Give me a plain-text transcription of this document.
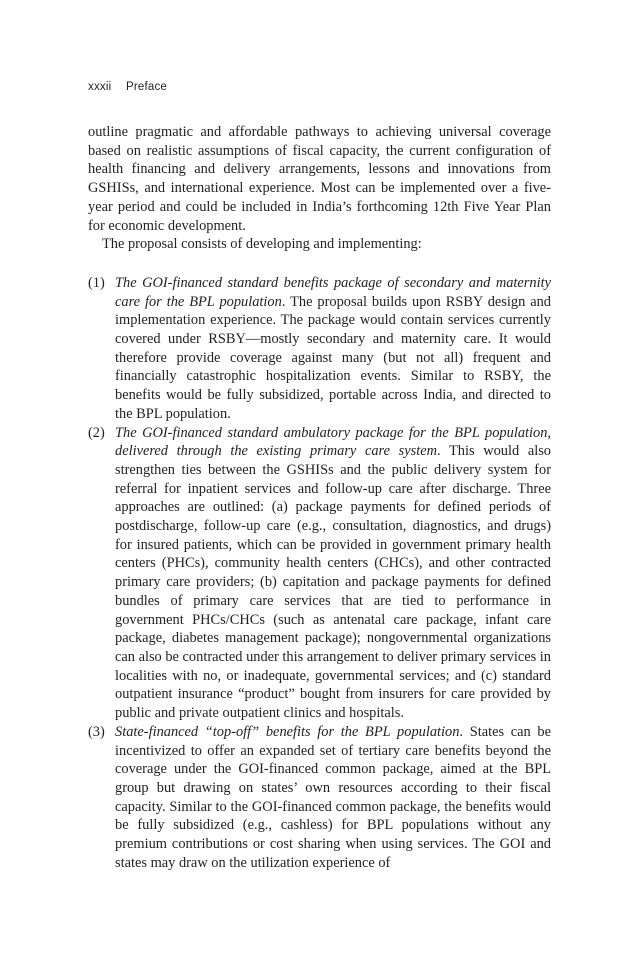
xxxii Preface

outline pragmatic and affordable pathways to achieving universal coverage based on realistic assumptions of fiscal capacity, the current configuration of health financing and delivery arrangements, lessons and innovations from GSHISs, and international experience. Most can be implemented over a five-year period and could be included in India’s forthcoming 12th Five Year Plan for economic development.

The proposal consists of developing and implementing:

(1) The GOI-financed standard benefits package of secondary and maternity care for the BPL population. The proposal builds upon RSBY design and implementation experience. The package would contain services currently covered under RSBY—mostly secondary and maternity care. It would therefore provide coverage against many (but not all) frequent and financially catastrophic hospitalization events. Similar to RSBY, the benefits would be fully subsidized, portable across India, and directed to the BPL population.
(2) The GOI-financed standard ambulatory package for the BPL population, delivered through the existing primary care system. This would also strengthen ties between the GSHISs and the public delivery system for referral for inpatient services and follow-up care after discharge. Three approaches are outlined: (a) package payments for defined periods of postdischarge, follow-up care (e.g., consultation, diagnostics, and drugs) for insured patients, which can be provided in government primary health centers (PHCs), community health centers (CHCs), and other contracted primary care providers; (b) capitation and package payments for defined bundles of primary care services that are tied to performance in government PHCs/CHCs (such as antenatal care package, infant care package, diabetes management package); nongovernmental organizations can also be contracted under this arrangement to deliver primary services in localities with no, or inadequate, governmental services; and (c) standard outpatient insurance “product” bought from insurers for care provided by public and private outpatient clinics and hospitals.
(3) State-financed “top-off” benefits for the BPL population. States can be incentivized to offer an expanded set of tertiary care benefits beyond the coverage under the GOI-financed common package, aimed at the BPL group but drawing on states’ own resources according to their fiscal capacity. Similar to the GOI-financed common package, the benefits would be fully subsidized (e.g., cashless) for BPL populations without any premium contributions or cost sharing when using services. The GOI and states may draw on the utilization experience of
